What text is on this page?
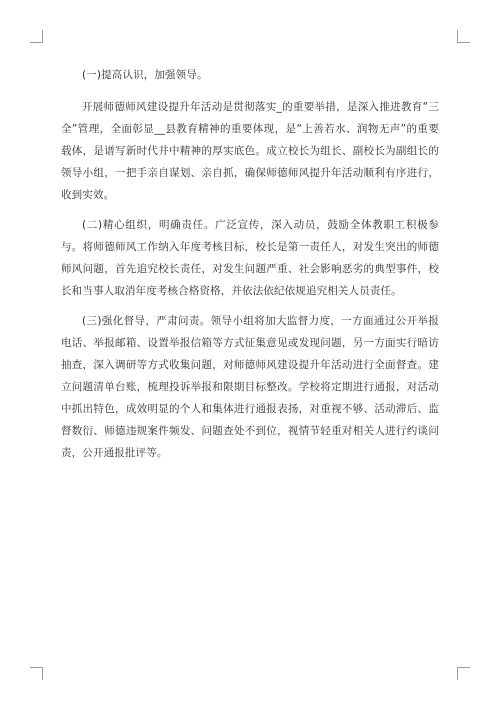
(一)提高认识，加强领导。

开展师德师风建设提升年活动是贯彻落实_的重要举措，是深入推进教育“三全”管理，全面彰显__县教育精神的重要体现，是“上善若水、润物无声”的重要载体，是谱写新时代井中精神的厚实底色。成立校长为组长、副校长为副组长的领导小组，一把手亲自谋划、亲自抓，确保师德师风提升年活动顺利有序进行，收到实效。

(二)精心组织，明确责任。广泛宣传，深入动员，鼓励全体教职工积极参与。将师德师风工作纳入年度考核目标，校长是第一责任人，对发生突出的师德师风问题，首先追究校长责任，对发生问题严重、社会影响恶劣的典型事件，校长和当事人取消年度考核合格资格，并依法依纪依规追究相关人员责任。

(三)强化督导，严肃问责。领导小组将加大监督力度，一方面通过公开举报电话、举报邮箱、设置举报信箱等方式征集意见或发现问题，另一方面实行暗访抽查，深入调研等方式收集问题，对师德师风建设提升年活动进行全面督查。建立问题清单台账，梳理投诉举报和限期目标整改。学校将定期进行通报，对活动中抓出特色，成效明显的个人和集体进行通报表扬，对重视不够、活动滞后、监督数衍、师德违规案件频发、问题查处不到位，视情节轻重对相关人进行约谈问责，公开通报批评等。
